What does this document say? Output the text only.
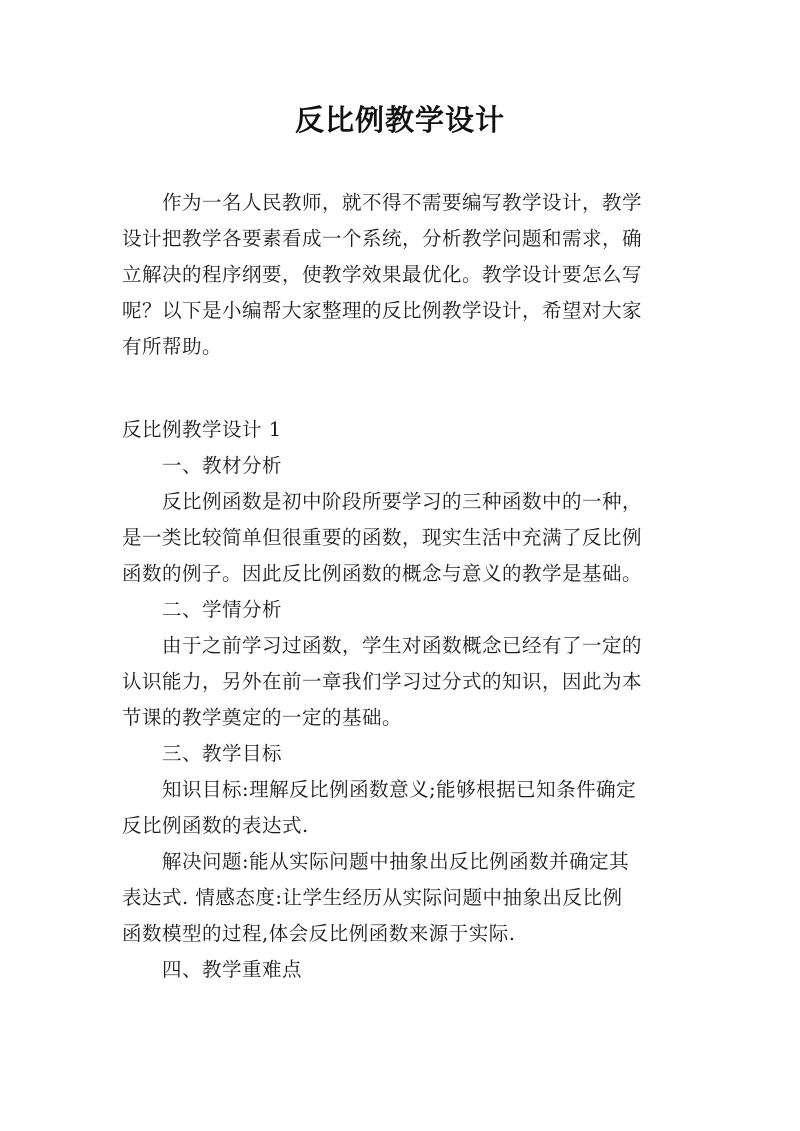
反比例教学设计
作为一名人民教师，就不得不需要编写教学设计，教学
设计把教学各要素看成一个系统，分析教学问题和需求，确
立解决的程序纲要，使教学效果最优化。教学设计要怎么写
呢？以下是小编帮大家整理的反比例教学设计，希望对大家
有所帮助。
反比例教学设计 1
一、教材分析
反比例函数是初中阶段所要学习的三种函数中的一种，
是一类比较简单但很重要的函数，现实生活中充满了反比例
函数的例子。因此反比例函数的概念与意义的教学是基础。
二、学情分析
由于之前学习过函数，学生对函数概念已经有了一定的
认识能力，另外在前一章我们学习过分式的知识，因此为本
节课的教学奠定的一定的基础。
三、教学目标
知识目标:理解反比例函数意义;能够根据已知条件确定
反比例函数的表达式.
解决问题:能从实际问题中抽象出反比例函数并确定其
表达式. 情感态度:让学生经历从实际问题中抽象出反比例
函数模型的过程,体会反比例函数来源于实际.
四、教学重难点
